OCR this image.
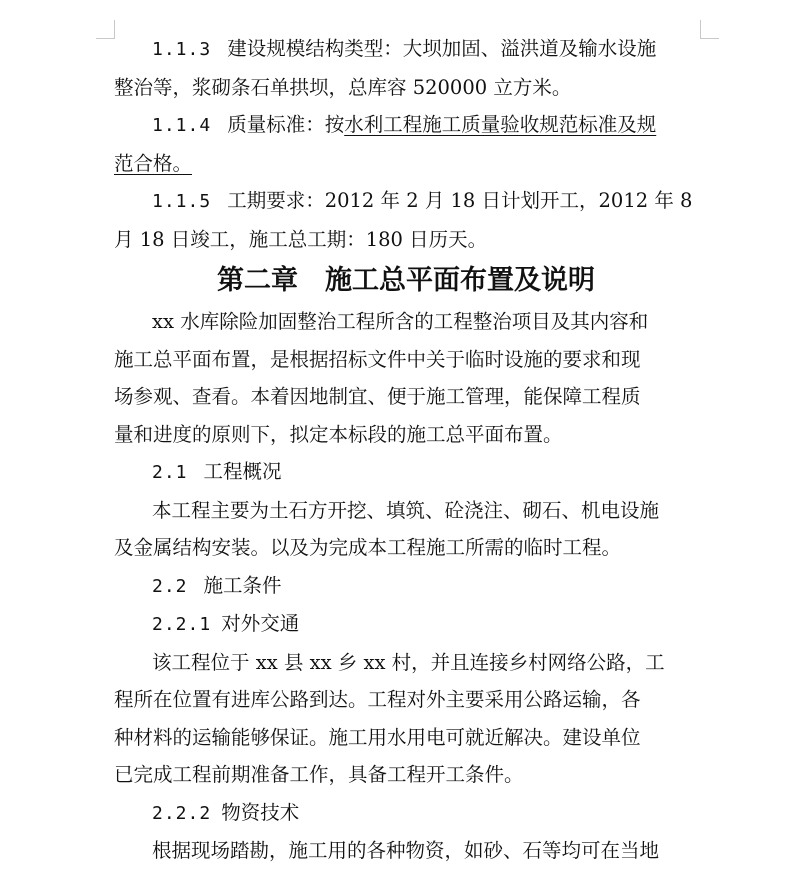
1.1.3 建设规模结构类型：大坝加固、溢洪道及输水设施

整治等，浆砌条石单拱坝，总库容 520000 立方米。

1.1.4 质量标准：按水利工程施工质量验收规范标准及规

范合格。

1.1.5 工期要求：2012 年 2 月 18 日计划开工，2012 年 8

月 18 日竣工，施工总工期：180 日历天。

第二章　施工总平面布置及说明

xx 水库除险加固整治工程所含的工程整治项目及其内容和

施工总平面布置，是根据招标文件中关于临时设施的要求和现

场参观、查看。本着因地制宜、便于施工管理，能保障工程质

量和进度的原则下，拟定本标段的施工总平面布置。

2.1 工程概况

本工程主要为土石方开挖、填筑、砼浇注、砌石、机电设施

及金属结构安装。以及为完成本工程施工所需的临时工程。

2.2 施工条件

2.2.1 对外交通

该工程位于 xx 县 xx 乡 xx 村，并且连接乡村网络公路，工

程所在位置有进库公路到达。工程对外主要采用公路运输，各

种材料的运输能够保证。施工用水用电可就近解决。建设单位

已完成工程前期准备工作，具备工程开工条件。

2.2.2 物资技术

根据现场踏勘，施工用的各种物资，如砂、石等均可在当地
